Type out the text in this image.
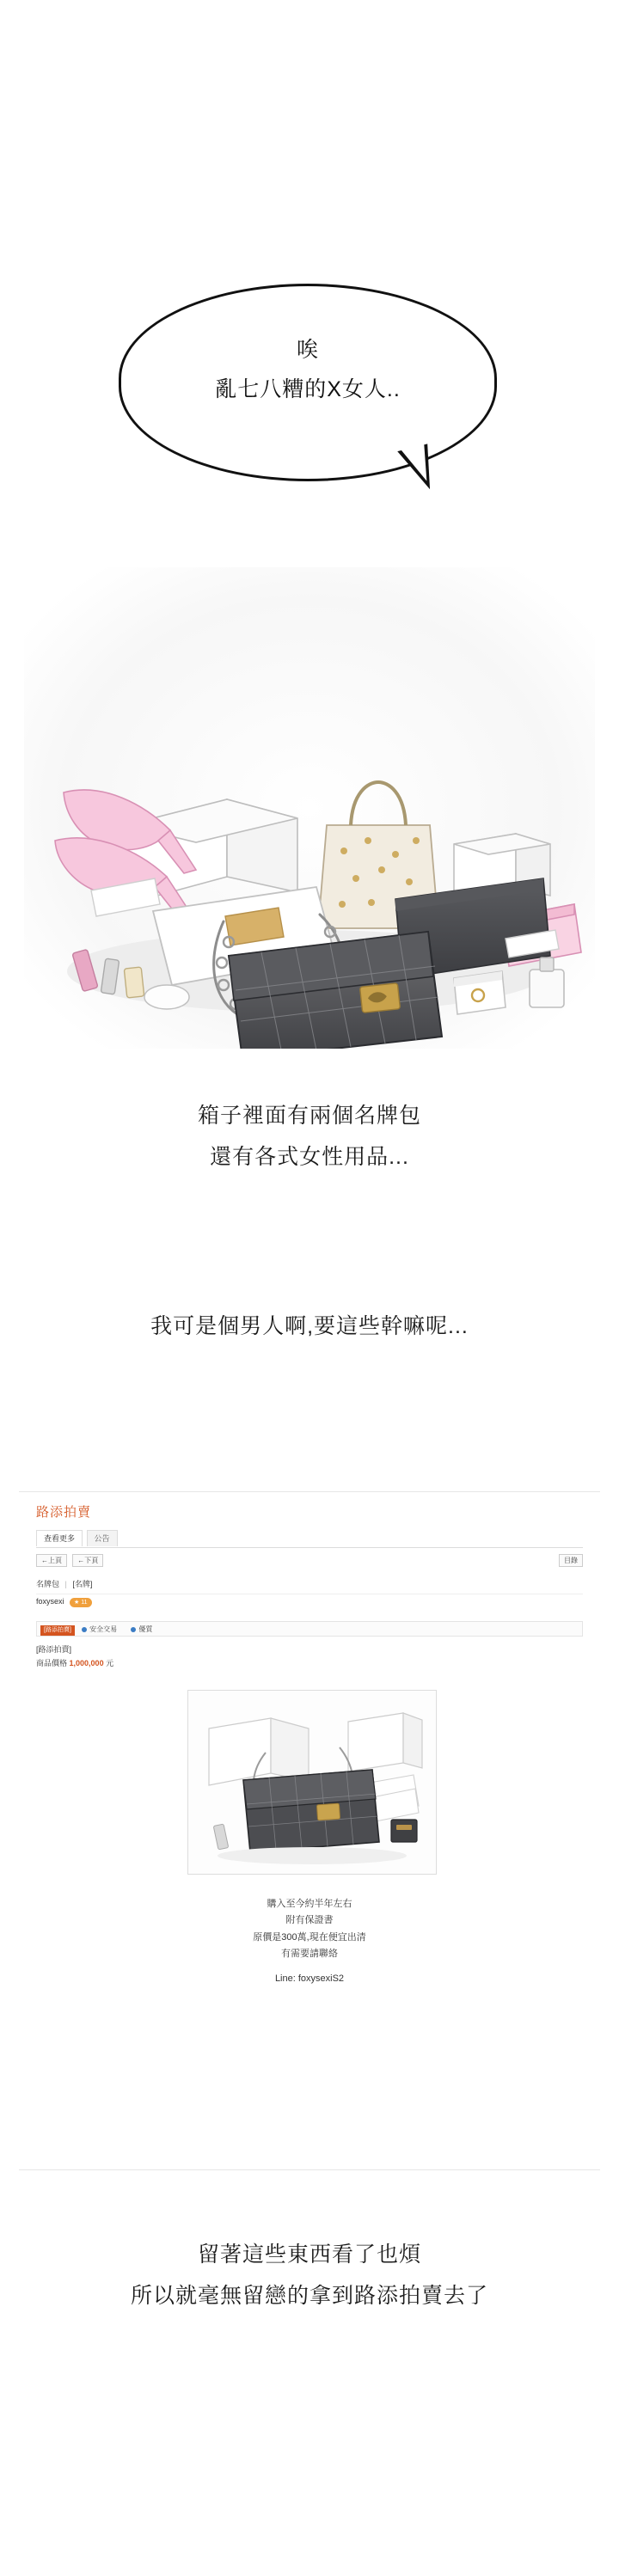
唉
亂七八糟的X女人..
箱子裡面有兩個名牌包
還有各式女性用品...
我可是個男人啊,要這些幹嘛呢...
路添拍賣
查看更多	公告
←上頁 ←下頁	目錄
名牌包 | [名牌]
foxysexi ★ 11
[路添拍賣]	安全交易	優質
[路添拍賣]
商品價格 1,000,000 元
購入至今約半年左右
附有保證書
原價是300萬,現在便宜出清
有需要請聯絡
Line: foxysexiS2
留著這些東西看了也煩
所以就毫無留戀的拿到路添拍賣去了
